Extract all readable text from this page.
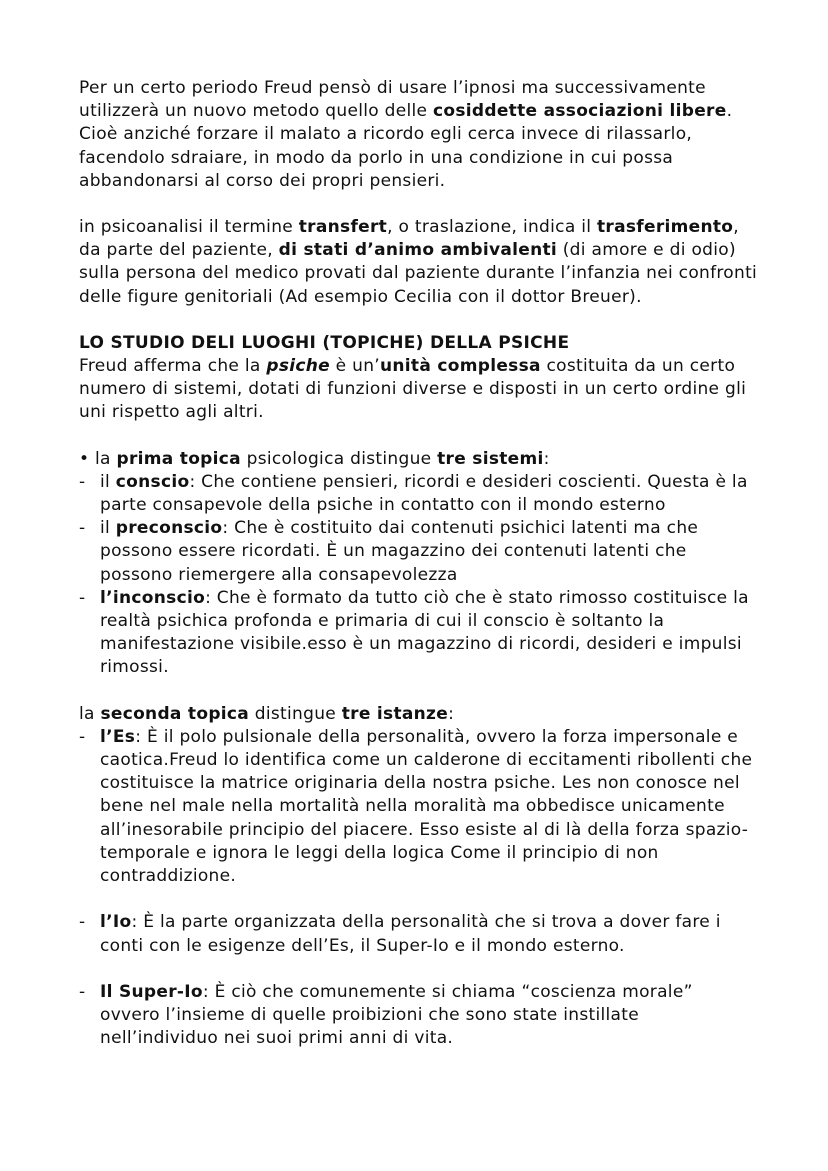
Per un certo periodo Freud pensò di usare l’ipnosi ma successivamente utilizzerà un nuovo metodo quello delle cosiddette associazioni libere. Cioè anziché forzare il malato a ricordo egli cerca invece di rilassarlo, facendolo sdraiare, in modo da porlo in una condizione in cui possa abbandonarsi al corso dei propri pensieri.

in psicoanalisi il termine transfert, o traslazione, indica il trasferimento, da parte del paziente, di stati d’animo ambivalenti (di amore e di odio) sulla persona del medico provati dal paziente durante l’infanzia nei confronti delle figure genitoriali (Ad esempio Cecilia con il dottor Breuer).

LO STUDIO DELI LUOGHI (TOPICHE) DELLA PSICHE

Freud afferma che la psiche è un’unità complessa costituita da un certo numero di sistemi, dotati di funzioni diverse e disposti in un certo ordine gli uni rispetto agli altri.

• la prima topica psicologica distingue tre sistemi:

- il conscio: Che contiene pensieri, ricordi e desideri coscienti. Questa è la parte consapevole della psiche in contatto con il mondo esterno
- il preconscio: Che è costituito dai contenuti psichici latenti ma che possono essere ricordati. È un magazzino dei contenuti latenti che possono riemergere alla consapevolezza
- l’inconscio: Che è formato da tutto ciò che è stato rimosso costituisce la realtà psichica profonda e primaria di cui il conscio è soltanto la manifestazione visibile.esso è un magazzino di ricordi, desideri e impulsi rimossi.

la seconda topica distingue tre istanze:

- l’Es: È il polo pulsionale della personalità, ovvero la forza impersonale e caotica.Freud lo identifica come un calderone di eccitamenti ribollenti che costituisce la matrice originaria della nostra psiche. Les non conosce nel bene nel male nella mortalità nella moralità ma obbedisce unicamente all’inesorabile principio del piacere. Esso esiste al di là della forza spazio-temporale e ignora le leggi della logica Come il principio di non contraddizione.
- l’Io: È la parte organizzata della personalità che si trova a dover fare i conti con le esigenze dell’Es, il Super-Io e il mondo esterno.
- Il Super-Io: È ciò che comunemente si chiama “coscienza morale” ovvero l’insieme di quelle proibizioni che sono state instillate nell’individuo nei suoi primi anni di vita.
